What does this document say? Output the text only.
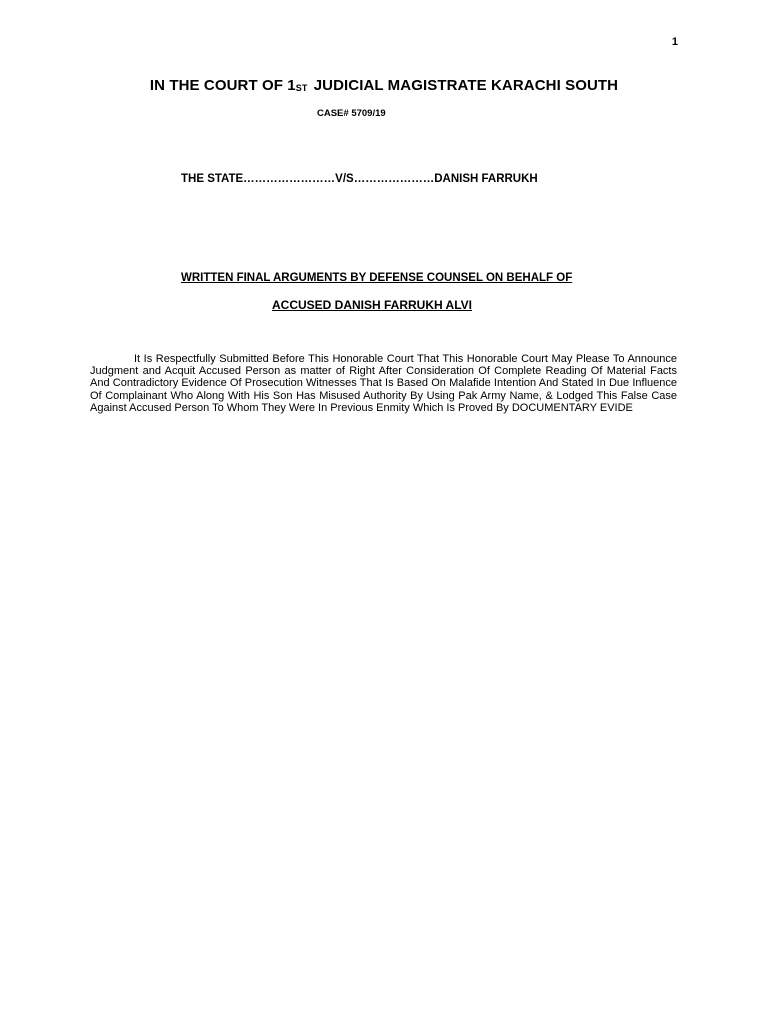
1
IN THE COURT OF 1ST JUDICIAL MAGISTRATE KARACHI SOUTH
CASE# 5709/19
THE STATE……………………V/S…………………DANISH FARRUKH
WRITTEN FINAL ARGUMENTS BY DEFENSE COUNSEL ON BEHALF OF
ACCUSED DANISH FARRUKH ALVI

It Is Respectfully Submitted Before This Honorable Court That This Honorable Court May Please To Announce Judgment and Acquit Accused Person as matter of Right After Consideration Of Complete Reading Of Material Facts And Contradictory Evidence Of Prosecution Witnesses That Is Based On Malafide Intention And Stated In Due Influence Of Complainant Who Along With His Son Has Misused Authority By Using Pak Army Name, & Lodged This False Case Against Accused Person To Whom They Were In Previous Enmity Which Is Proved By DOCUMENTARY EVIDE
